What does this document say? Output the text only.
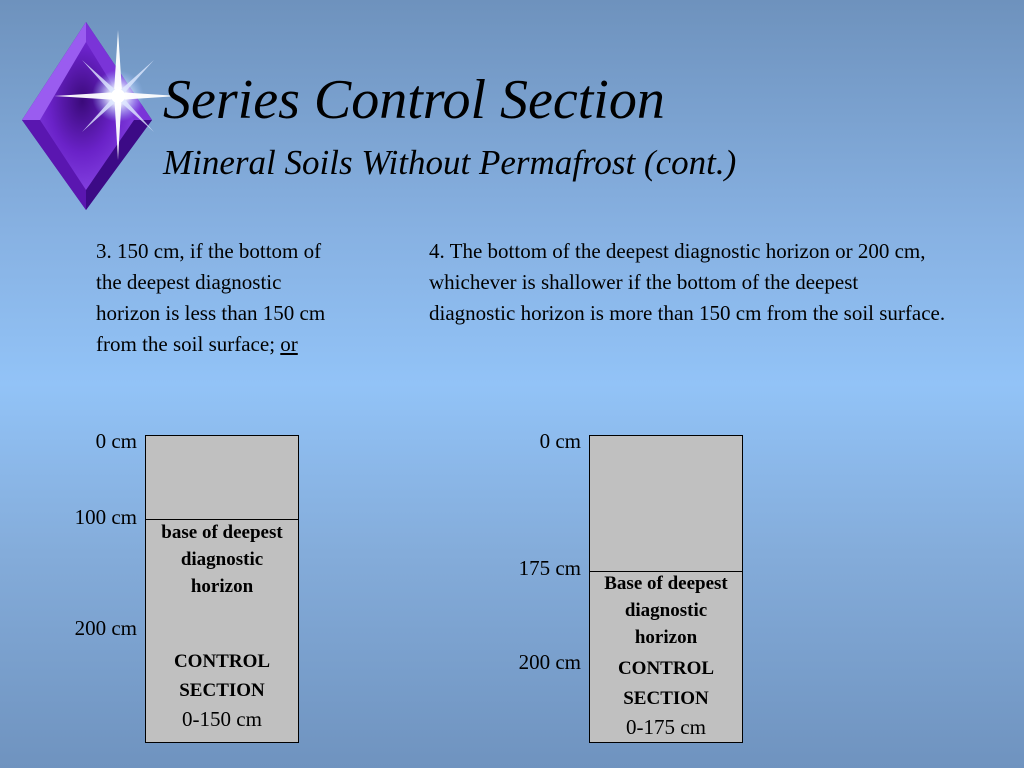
Series Control Section
Mineral Soils Without Permafrost (cont.)

3. 150 cm, if the bottom of the deepest diagnostic horizon is less than 150 cm from the soil surface; or

4. The bottom of the deepest diagnostic horizon or 200 cm, whichever is shallower if the bottom of the deepest diagnostic horizon is more than 150 cm from the soil surface.

0 cm
100 cm
200 cm
base of deepest
diagnostic
horizon
CONTROL
SECTION
0-150 cm
0 cm
175 cm
200 cm
Base of deepest
diagnostic
horizon
CONTROL
SECTION
0-175 cm
